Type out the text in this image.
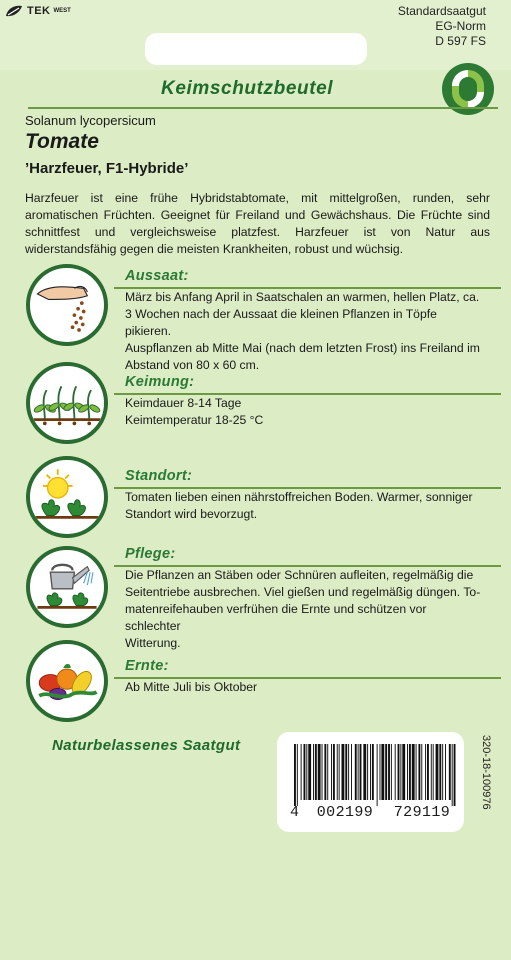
TEK WEST	Standardsaatgut
EG-Norm
D 597 FS
Keimschutzbeutel
Solanum lycopersicum
Tomate
’Harzfeuer, F1-Hybride’
Harzfeuer ist eine frühe Hybridstabtomate, mit mittelgroßen, runden, sehr aromatischen Früchten. Geeignet für Freiland und Gewächshaus. Die Früchte sind schnittfest und vergleichsweise platzfest. Harzfeuer ist von Natur aus widerstandsfähig gegen die meisten Krankheiten, robust und wüchsig.
Aussaat:
März bis Anfang April in Saatschalen an warmen, hellen Platz, ca.
3 Wochen nach der Aussaat die kleinen Pflanzen in Töpfe pikieren.
Auspflanzen ab Mitte Mai (nach dem letzten Frost) ins Freiland im
Abstand von 80 x 60 cm.
Keimung:
Keimdauer 8-14 Tage
Keimtemperatur 18-25 °C
Standort:
Tomaten lieben einen nährstoffreichen Boden. Warmer, sonniger
Standort wird bevorzugt.
Pflege:
Die Pflanzen an Stäben oder Schnüren aufleiten, regelmäßig die
Seitentriebe ausbrechen. Viel gießen und regelmäßig düngen. To-
matenreifehauben verfrühen die Ernte und schützen vor schlechter
Witterung.
Ernte:
Ab Mitte Juli bis Oktober
Naturbelassenes Saatgut
4	002199	729119
320-18-100976
